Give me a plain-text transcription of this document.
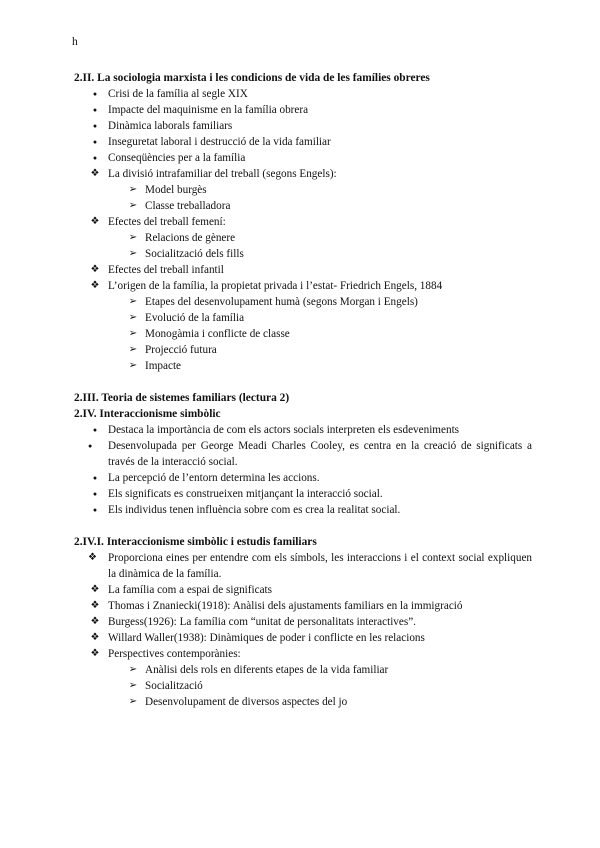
h

2.II. La sociologia marxista i les condicions de vida de les famílies obreres

● Crisi de la família al segle XIX
● Impacte del maquinisme en la família obrera
● Dinàmica laborals familiars
● Inseguretat laboral i destrucció de la vida familiar
● Conseqüències per a la família
❖ La divisió intrafamiliar del treball (segons Engels):
➢ Model burgès
➢ Classe treballadora
❖ Efectes del treball femení:
➢ Relacions de gènere
➢ Socialització dels fills
❖ Efectes del treball infantil
❖ L’origen de la família, la propietat privada i l’estat- Friedrich Engels, 1884
➢ Etapes del desenvolupament humà (segons Morgan i Engels)
➢ Evolució de la família
➢ Monogàmia i conflicte de classe
➢ Projecció futura
➢ Impacte

2.III. Teoria de sistemes familiars (lectura 2)

2.IV. Interaccionisme simbòlic

● Destaca la importància de com els actors socials interpreten els esdeveniments
●	Desenvolupada per George Meadi Charles Cooley, es centra en la creació de significats a través de la interacció social.
● La percepció de l’entorn determina les accions.
● Els significats es construeixen mitjançant la interacció social.
● Els individus tenen influència sobre com es crea la realitat social.

2.IV.I. Interaccionisme simbòlic i estudis familiars

❖ Proporciona eines per entendre com els símbols, les interaccions i el context social expliquen la dinàmica de la família.
❖ La família com a espai de significats
❖ Thomas i Znaniecki(1918): Anàlisi dels ajustaments familiars en la immigració
❖ Burgess(1926): La família com “unitat de personalitats interactives”.
❖ Willard Waller(1938): Dinàmiques de poder i conflicte en les relacions
❖ Perspectives contemporànies:
➢ Anàlisi dels rols en diferents etapes de la vida familiar
➢ Socialització
➢ Desenvolupament de diversos aspectes del jo
